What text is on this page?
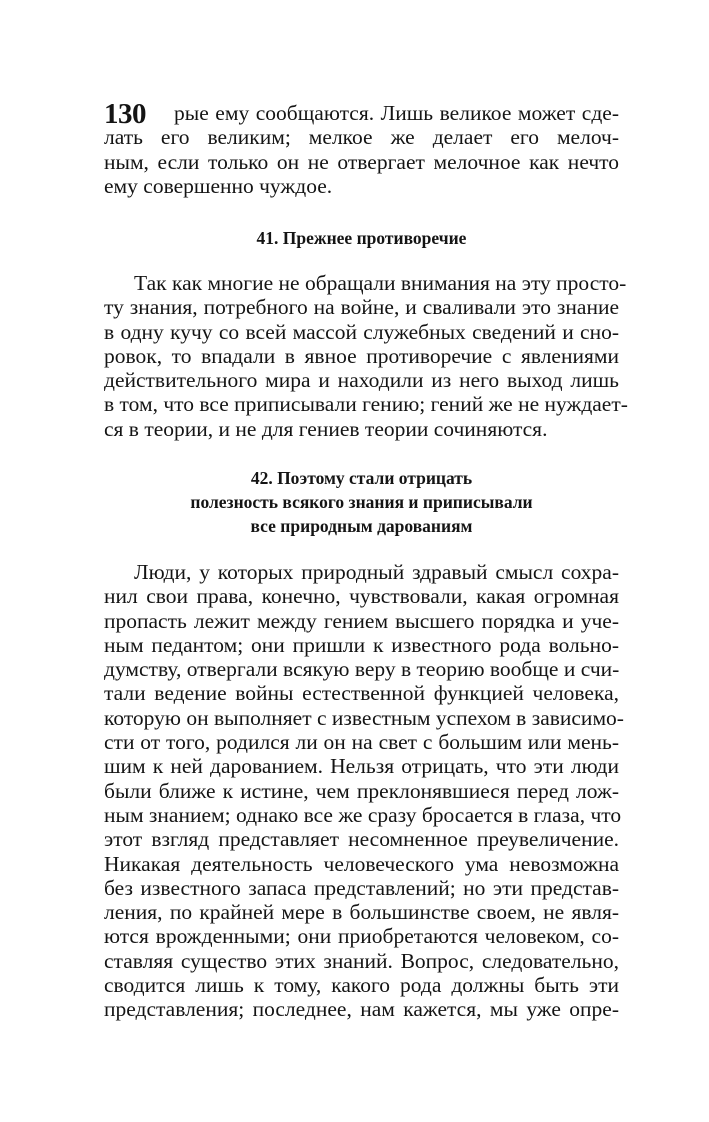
130	рые ему сообщаются. Лишь великое может сде-
лать его великим; мелкое же делает его мелоч-
ным, если только он не отвергает мелочное как нечто
ему совершенно чуждое.
41. Прежнее противоречие
Так как многие не обращали внимания на эту просто-
ту знания, потребного на войне, и сваливали это знание
в одну кучу со всей массой служебных сведений и сно-
ровок, то впадали в явное противоречие с явлениями
действительного мира и находили из него выход лишь
в том, что все приписывали гению; гений же не нуждает-
ся в теории, и не для гениев теории сочиняются.
42. Поэтому стали отрицать
полезность всякого знания и приписывали
все природным дарованиям
Люди, у которых природный здравый смысл сохра-
нил свои права, конечно, чувствовали, какая огромная
пропасть лежит между гением высшего порядка и уче-
ным педантом; они пришли к известного рода вольно-
думству, отвергали всякую веру в теорию вообще и счи-
тали ведение войны естественной функцией человека,
которую он выполняет с известным успехом в зависимо-
сти от того, родился ли он на свет с большим или мень-
шим к ней дарованием. Нельзя отрицать, что эти люди
были ближе к истине, чем преклонявшиеся перед лож-
ным знанием; однако все же сразу бросается в глаза, что
этот взгляд представляет несомненное преувеличение.
Никакая деятельность человеческого ума невозможна
без известного запаса представлений; но эти представ-
ления, по крайней мере в большинстве своем, не явля-
ются врожденными; они приобретаются человеком, со-
ставляя существо этих знаний. Вопрос, следовательно,
сводится лишь к тому, какого рода должны быть эти
представления; последнее, нам кажется, мы уже опре-
